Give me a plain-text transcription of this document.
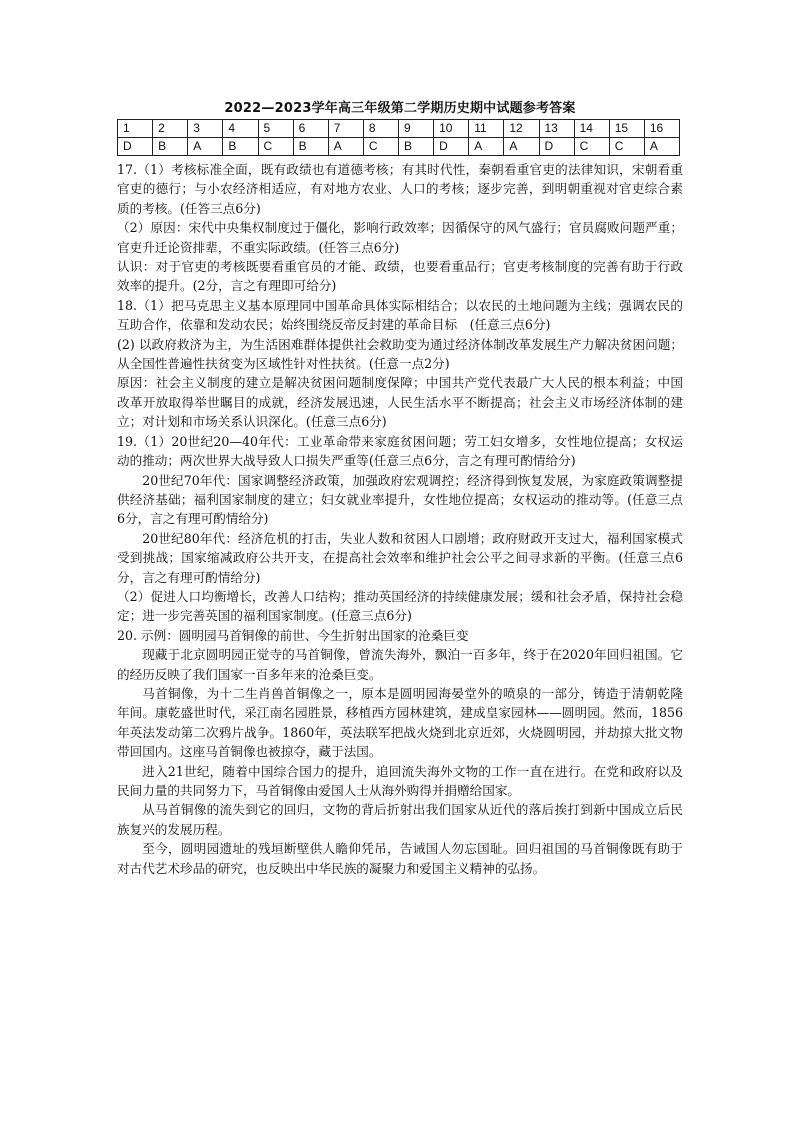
2022—2023学年高三年级第二学期历史期中试题参考答案
1	2	3	4	5	6	7	8	9	10	11	12	13	14	15	16
D	B	A	B	C	B	A	C	B	D	A	A	D	C	C	A

17.（1）考核标准全面，既有政绩也有道德考核；有其时代性，秦朝看重官吏的法律知识，宋朝看重官吏的德行；与小农经济相适应，有对地方农业、人口的考核；逐步完善，到明朝重视对官吏综合素质的考核。(任答三点6分)

（2）原因：宋代中央集权制度过于僵化，影响行政效率；因循保守的风气盛行；官员腐败问题严重；官吏升迁论资排辈，不重实际政绩。(任答三点6分)

认识：对于官吏的考核既要看重官员的才能、政绩，也要看重品行；官吏考核制度的完善有助于行政效率的提升。(2分，言之有理即可给分)

18.（1）把马克思主义基本原理同中国革命具体实际相结合；以农民的土地问题为主线；强调农民的互助合作，依靠和发动农民；始终围绕反帝反封建的革命目标　(任意三点6分)

(2) 以政府救济为主，为生活困难群体提供社会救助变为通过经济体制改革发展生产力解决贫困问题；从全国性普遍性扶贫变为区域性针对性扶贫。(任意一点2分)

原因：社会主义制度的建立是解决贫困问题制度保障；中国共产党代表最广大人民的根本利益；中国改革开放取得举世瞩目的成就，经济发展迅速，人民生活水平不断提高；社会主义市场经济体制的建立；对计划和市场关系认识深化。(任意三点6分)

19.（1）20世纪20—40年代：工业革命带来家庭贫困问题；劳工妇女增多，女性地位提高；女权运动的推动；两次世界大战导致人口损失严重等(任意三点6分，言之有理可酌情给分)

20世纪70年代：国家调整经济政策，加强政府宏观调控；经济得到恢复发展，为家庭政策调整提供经济基础；福利国家制度的建立；妇女就业率提升，女性地位提高；女权运动的推动等。(任意三点6分，言之有理可酌情给分)

20世纪80年代：经济危机的打击，失业人数和贫困人口剧增；政府财政开支过大，福利国家模式受到挑战；国家缩减政府公共开支，在提高社会效率和维护社会公平之间寻求新的平衡。(任意三点6分，言之有理可酌情给分)

（2）促进人口均衡增长，改善人口结构；推动英国经济的持续健康发展；缓和社会矛盾，保持社会稳定；进一步完善英国的福利国家制度。(任意三点6分)

20. 示例：圆明园马首铜像的前世、今生折射出国家的沧桑巨变

现藏于北京圆明园正觉寺的马首铜像，曾流失海外，飘泊一百多年，终于在2020年回归祖国。它的经历反映了我们国家一百多年来的沧桑巨变。

马首铜像，为十二生肖兽首铜像之一，原本是圆明园海晏堂外的喷泉的一部分，铸造于清朝乾隆年间。康乾盛世时代，采江南名园胜景，移植西方园林建筑，建成皇家园林——圆明园。然而，1856年英法发动第二次鸦片战争。1860年，英法联军把战火烧到北京近郊，火烧圆明园，并劫掠大批文物带回国内。这座马首铜像也被掠夺，藏于法国。

进入21世纪，随着中国综合国力的提升，追回流失海外文物的工作一直在进行。在党和政府以及民间力量的共同努力下，马首铜像由爱国人士从海外购得并捐赠给国家。

从马首铜像的流失到它的回归，文物的背后折射出我们国家从近代的落后挨打到新中国成立后民族复兴的发展历程。

至今，圆明园遗址的残垣断壁供人瞻仰凭吊，告诫国人勿忘国耻。回归祖国的马首铜像既有助于对古代艺术珍品的研究，也反映出中华民族的凝聚力和爱国主义精神的弘扬。
